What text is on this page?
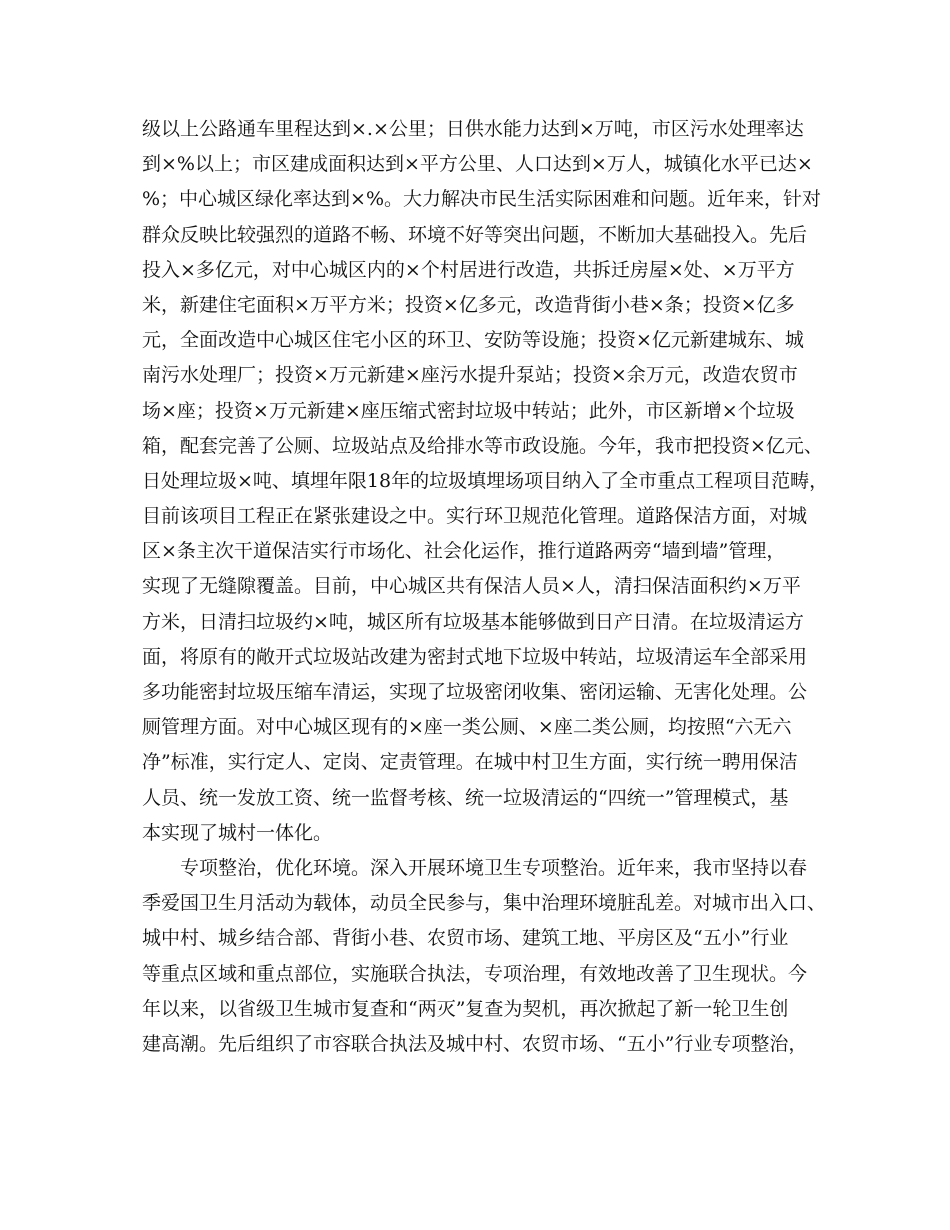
级以上公路通车里程达到×.×公里；日供水能力达到×万吨，市区污水处理率达
到×%以上；市区建成面积达到×平方公里、人口达到×万人，城镇化水平已达×
%；中心城区绿化率达到×%。大力解决市民生活实际困难和问题。近年来，针对
群众反映比较强烈的道路不畅、环境不好等突出问题，不断加大基础投入。先后
投入×多亿元，对中心城区内的×个村居进行改造，共拆迁房屋×处、×万平方
米，新建住宅面积×万平方米；投资×亿多元，改造背街小巷×条；投资×亿多
元，全面改造中心城区住宅小区的环卫、安防等设施；投资×亿元新建城东、城
南污水处理厂；投资×万元新建×座污水提升泵站；投资×余万元，改造农贸市
场×座；投资×万元新建×座压缩式密封垃圾中转站；此外，市区新增×个垃圾
箱，配套完善了公厕、垃圾站点及给排水等市政设施。今年，我市把投资×亿元、
日处理垃圾×吨、填埋年限18年的垃圾填埋场项目纳入了全市重点工程项目范畴，
目前该项目工程正在紧张建设之中。实行环卫规范化管理。道路保洁方面，对城
区×条主次干道保洁实行市场化、社会化运作，推行道路两旁“墙到墙”管理，
实现了无缝隙覆盖。目前，中心城区共有保洁人员×人，清扫保洁面积约×万平
方米，日清扫垃圾约×吨，城区所有垃圾基本能够做到日产日清。在垃圾清运方
面，将原有的敞开式垃圾站改建为密封式地下垃圾中转站，垃圾清运车全部采用
多功能密封垃圾压缩车清运，实现了垃圾密闭收集、密闭运输、无害化处理。公
厕管理方面。对中心城区现有的×座一类公厕、×座二类公厕，均按照“六无六
净”标准，实行定人、定岗、定责管理。在城中村卫生方面，实行统一聘用保洁
人员、统一发放工资、统一监督考核、统一垃圾清运的“四统一”管理模式，基
本实现了城村一体化。
专项整治，优化环境。深入开展环境卫生专项整治。近年来，我市坚持以春
季爱国卫生月活动为载体，动员全民参与，集中治理环境脏乱差。对城市出入口、
城中村、城乡结合部、背街小巷、农贸市场、建筑工地、平房区及“五小”行业
等重点区域和重点部位，实施联合执法，专项治理，有效地改善了卫生现状。今
年以来，以省级卫生城市复查和“两灭”复查为契机，再次掀起了新一轮卫生创
建高潮。先后组织了市容联合执法及城中村、农贸市场、“五小”行业专项整治，
